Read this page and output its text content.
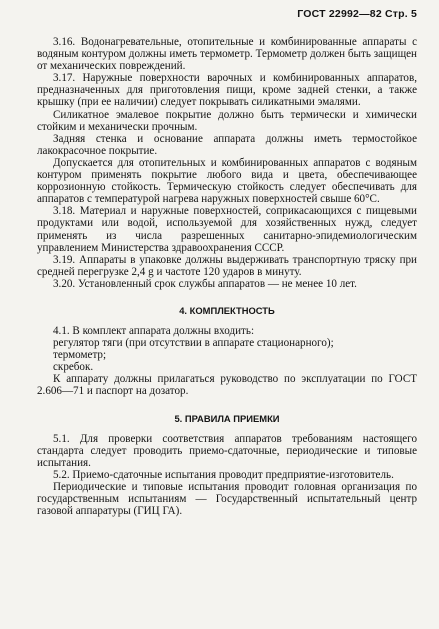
ГОСТ 22992—82 Стр. 5

3.16. Водонагревательные, отопительные и комбинированные аппараты с водяным контуром должны иметь термометр. Термометр должен быть защищен от механических повреждений.

3.17. Наружные поверхности варочных и комбинированных аппаратов, предназначенных для приготовления пищи, кроме задней стенки, а также крышку (при ее наличии) следует покрывать силикатными эмалями.

Силикатное эмалевое покрытие должно быть термически и химически стойким и механически прочным.

Задняя стенка и основание аппарата должны иметь термостойкое лакокрасочное покрытие.

Допускается для отопительных и комбинированных аппаратов с водяным контуром применять покрытие любого вида и цвета, обеспечивающее коррозионную стойкость. Термическую стойкость следует обеспечивать для аппаратов с температурой нагрева наружных поверхностей свыше 60°С.

3.18. Материал и наружные поверхностей, соприкасающихся с пищевыми продуктами или водой, используемой для хозяйственных нужд, следует применять из числа разрешенных санитарно-эпидемиологическим управлением Министерства здравоохранения СССР.

3.19. Аппараты в упаковке должны выдерживать транспортную тряску при средней перегрузке 2,4 g и частоте 120 ударов в минуту.

3.20. Установленный срок службы аппаратов — не менее 10 лет.

4. КОМПЛЕКТНОСТЬ

4.1. В комплект аппарата должны входить:

регулятор тяги (при отсутствии в аппарате стационарного);

термометр;

скребок.

К аппарату должны прилагаться руководство по эксплуатации по ГОСТ 2.606—71 и паспорт на дозатор.

5. ПРАВИЛА ПРИЕМКИ

5.1. Для проверки соответствия аппаратов требованиям настоящего стандарта следует проводить приемо-сдаточные, периодические и типовые испытания.

5.2. Приемо-сдаточные испытания проводит предприятие-изготовитель.

Периодические и типовые испытания проводит головная организация по государственным испытаниям — Государственный испытательный центр газовой аппаратуры (ГИЦ ГА).
